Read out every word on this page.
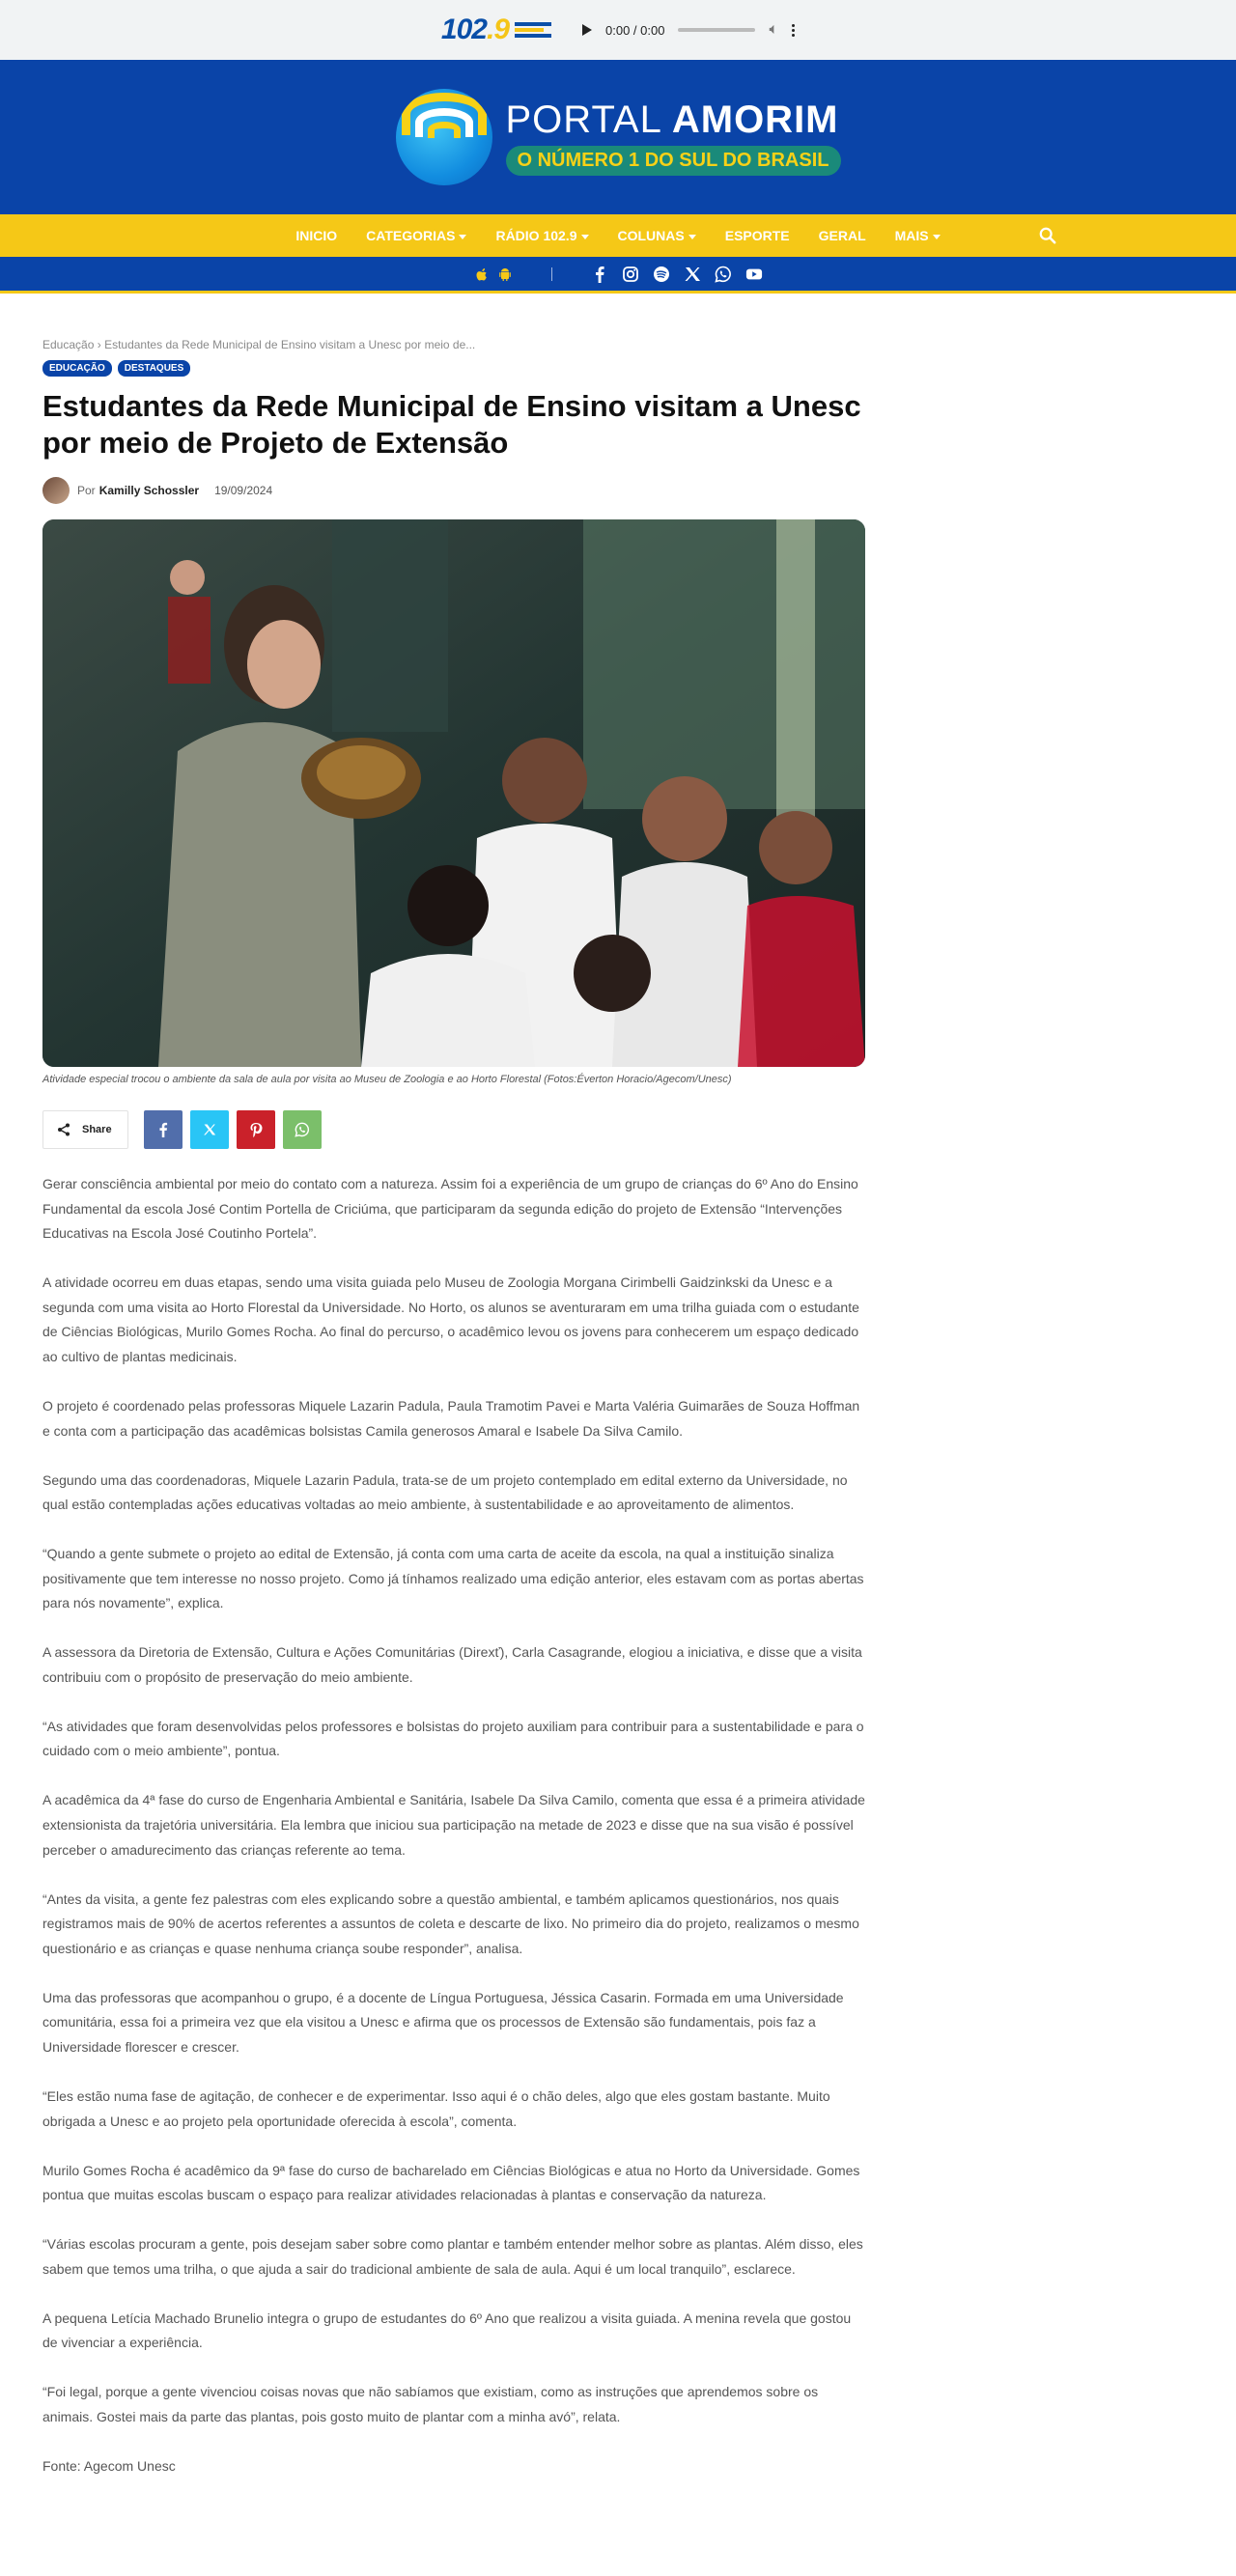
102.9	0:00 / 0:00	🔈︎
PORTAL AMORIM
O NÚMERO 1 DO SUL DO BRASIL
INICIO CATEGORIAS	RÁDIO 102.9	COLUNAS	ESPORTE GERAL MAIS
Educação › Estudantes da Rede Municipal de Ensino visitam a Unesc por meio de...
EDUCAÇÃO	DESTAQUES
Estudantes da Rede Municipal de Ensino visitam a Unesc por meio de Projeto de Extensão
Por Kamilly Schossler 19/09/2024
Atividade especial trocou o ambiente da sala de aula por visita ao Museu de Zoologia e ao Horto Florestal (Fotos:Éverton Horacio/Agecom/Unesc)
Share

Gerar consciência ambiental por meio do contato com a natureza. Assim foi a experiência de um grupo de crianças do 6º Ano do Ensino Fundamental da escola José Contim Portella de Criciúma, que participaram da segunda edição do projeto de Extensão “Intervenções Educativas na Escola José Coutinho Portela”.

A atividade ocorreu em duas etapas, sendo uma visita guiada pelo Museu de Zoologia Morgana Cirimbelli Gaidzinkski da Unesc e a segunda com uma visita ao Horto Florestal da Universidade. No Horto, os alunos se aventuraram em uma trilha guiada com o estudante de Ciências Biológicas, Murilo Gomes Rocha. Ao final do percurso, o acadêmico levou os jovens para conhecerem um espaço dedicado ao cultivo de plantas medicinais.

O projeto é coordenado pelas professoras Miquele Lazarin Padula, Paula Tramotim Pavei e Marta Valéria Guimarães de Souza Hoffman e conta com a participação das acadêmicas bolsistas Camila generosos Amaral e Isabele Da Silva Camilo.

Segundo uma das coordenadoras, Miquele Lazarin Padula, trata-se de um projeto contemplado em edital externo da Universidade, no qual estão contempladas ações educativas voltadas ao meio ambiente, à sustentabilidade e ao aproveitamento de alimentos.

“Quando a gente submete o projeto ao edital de Extensão, já conta com uma carta de aceite da escola, na qual a instituição sinaliza positivamente que tem interesse no nosso projeto. Como já tínhamos realizado uma edição anterior, eles estavam com as portas abertas para nós novamente”, explica.

A assessora da Diretoria de Extensão, Cultura e Ações Comunitárias (Direxť), Carla Casagrande, elogiou a iniciativa, e disse que a visita contribuiu com o propósito de preservação do meio ambiente.

“As atividades que foram desenvolvidas pelos professores e bolsistas do projeto auxiliam para contribuir para a sustentabilidade e para o cuidado com o meio ambiente”, pontua.

A acadêmica da 4ª fase do curso de Engenharia Ambiental e Sanitária, Isabele Da Silva Camilo, comenta que essa é a primeira atividade extensionista da trajetória universitária. Ela lembra que iniciou sua participação na metade de 2023 e disse que na sua visão é possível perceber o amadurecimento das crianças referente ao tema.

“Antes da visita, a gente fez palestras com eles explicando sobre a questão ambiental, e também aplicamos questionários, nos quais registramos mais de 90% de acertos referentes a assuntos de coleta e descarte de lixo. No primeiro dia do projeto, realizamos o mesmo questionário e as crianças e quase nenhuma criança soube responder”, analisa.

Uma das professoras que acompanhou o grupo, é a docente de Língua Portuguesa, Jéssica Casarin. Formada em uma Universidade comunitária, essa foi a primeira vez que ela visitou a Unesc e afirma que os processos de Extensão são fundamentais, pois faz a Universidade florescer e crescer.

“Eles estão numa fase de agitação, de conhecer e de experimentar. Isso aqui é o chão deles, algo que eles gostam bastante. Muito obrigada a Unesc e ao projeto pela oportunidade oferecida à escola”, comenta.

Murilo Gomes Rocha é acadêmico da 9ª fase do curso de bacharelado em Ciências Biológicas e atua no Horto da Universidade. Gomes pontua que muitas escolas buscam o espaço para realizar atividades relacionadas à plantas e conservação da natureza.

“Várias escolas procuram a gente, pois desejam saber sobre como plantar e também entender melhor sobre as plantas. Além disso, eles sabem que temos uma trilha, o que ajuda a sair do tradicional ambiente de sala de aula. Aqui é um local tranquilo”, esclarece.

A pequena Letícia Machado Brunelio integra o grupo de estudantes do 6º Ano que realizou a visita guiada. A menina revela que gostou de vivenciar a experiência.

“Foi legal, porque a gente vivenciou coisas novas que não sabíamos que existiam, como as instruções que aprendemos sobre os animais. Gostei mais da parte das plantas, pois gosto muito de plantar com a minha avó”, relata.

Fonte: Agecom Unesc
